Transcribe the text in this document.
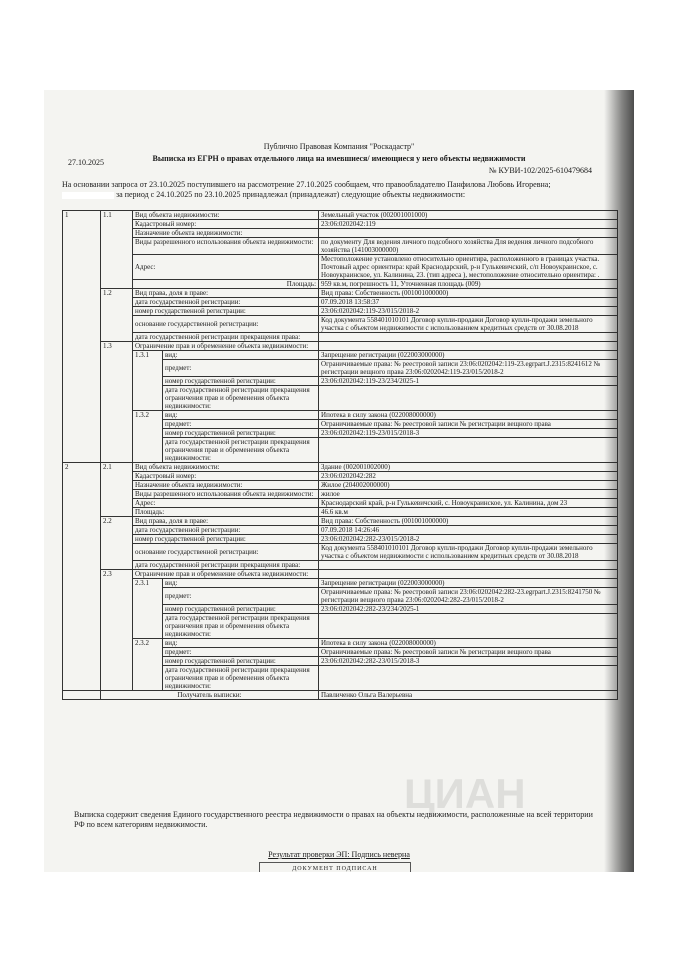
Публично Правовая Компания "Роскадастр"
Выписка из ЕГРН о правах отдельного лица на имевшиеся/ имеющиеся у него объекты недвижимости
27.10.2025
№ КУВИ-102/2025-610479684
На основании запроса от 23.10.2025 поступившего на рассмотрение 27.10.2025 сообщаем, что правообладателю Панфилова Любовь Игоревна;
за период с 24.10.2025 по 23.10.2025 принадлежал (принадлежат) следующие объекты недвижимости:
1	1.1	Вид объекта недвижимости:		Земельный участок (002001001000)
		Кадастровый номер:		23:06:0202042:119
		Назначение объекта недвижимости:		
		Виды разрешенного использования объекта недвижимости:		по документу Для ведения личного подсобного хозяйства Для ведения личного подсобного хозяйства (141003000000)
		Адрес:		Местоположение установлено относительно ориентира, расположенного в границах участка. Почтовый адрес ориентира: край Краснодарский, р-н Гулькевичский, с/п Новоукраинское, с. Новоукраинское, ул. Калинина, 23. (тип адреса ), местоположение относительно ориентира: .
		Площадь:		959 кв.м, погрешность 11, Уточненная площадь (009)
	1.2	Вид права, доля в праве:		Вид права: Собственность (001001000000)
		дата государственной регистрации:		07.09.2018 13:58:37
		номер государственной регистрации:		23:06:0202042:119-23/015/2018-2
		основание государственной регистрации:		Код документа 558401010101 Договор купли-продажи Договор купли-продажи земельного участка с объектом недвижимости с использованием кредитных средств от 30.08.2018
		дата государственной регистрации прекращения права:		
	1.3	Ограничение прав и обременение объекта недвижимости:		
		1.3.1	вид:	Запрещение регистрации (022003000000)
			предмет:	Ограничиваемые права: № реестровой записи 23:06:0202042:119-23.egrpart.J.2315:8241612 № регистрации вещного права 23:06:0202042:119-23/015/2018-2
			номер государственной регистрации:	23:06:0202042:119-23/234/2025-1
			дата государственной регистрации прекращения ограничения прав и обременения объекта недвижимости:	
		1.3.2	вид:	Ипотека в силу закона (022008000000)
			предмет:	Ограничиваемые права: № реестровой записи № регистрации вещного права
			номер государственной регистрации:	23:06:0202042:119-23/015/2018-3
			дата государственной регистрации прекращения ограничения прав и обременения объекта недвижимости:	
2	2.1	Вид объекта недвижимости:		Здание (002001002000)
		Кадастровый номер:		23:06:0202042:282
		Назначение объекта недвижимости:		Жилое (204002000000)
		Виды разрешенного использования объекта недвижимости:		жилое
		Адрес:		Краснодарский край, р-н Гулькевичский, с. Новоукраинское, ул. Калинина, дом 23
		Площадь:		46.6 кв.м
	2.2	Вид права, доля в праве:		Вид права: Собственность (001001000000)
		дата государственной регистрации:		07.09.2018 14:26:46
		номер государственной регистрации:		23:06:0202042:282-23/015/2018-2
		основание государственной регистрации:		Код документа 558401010101 Договор купли-продажи Договор купли-продажи земельного участка с объектом недвижимости с использованием кредитных средств от 30.08.2018
		дата государственной регистрации прекращения права:		
	2.3	Ограничение прав и обременение объекта недвижимости:		
		2.3.1	вид:	Запрещение регистрации (022003000000)
			предмет:	Ограничиваемые права: № реестровой записи 23:06:0202042:282-23.egrpart.J.2315:8241750 № регистрации вещного права 23:06:0202042:282-23/015/2018-2
			номер государственной регистрации:	23:06:0202042:282-23/234/2025-1
			дата государственной регистрации прекращения ограничения прав и обременения объекта недвижимости:	
		2.3.2	вид:	Ипотека в силу закона (022008000000)
			предмет:	Ограничиваемые права: № реестровой записи № регистрации вещного права
			номер государственной регистрации:	23:06:0202042:282-23/015/2018-3
			дата государственной регистрации прекращения ограничения прав и обременения объекта недвижимости:	
	Получатель выписки:			Павличенко Ольга Валерьевна
Выписка содержит сведения Единого государственного реестра недвижимости о правах на объекты недвижимости, расположенные на всей территории РФ по всем категориям недвижимости.
Результат проверки ЭП: Подпись неверна
ДОКУМЕНТ ПОДПИСАН
ЦИАН
